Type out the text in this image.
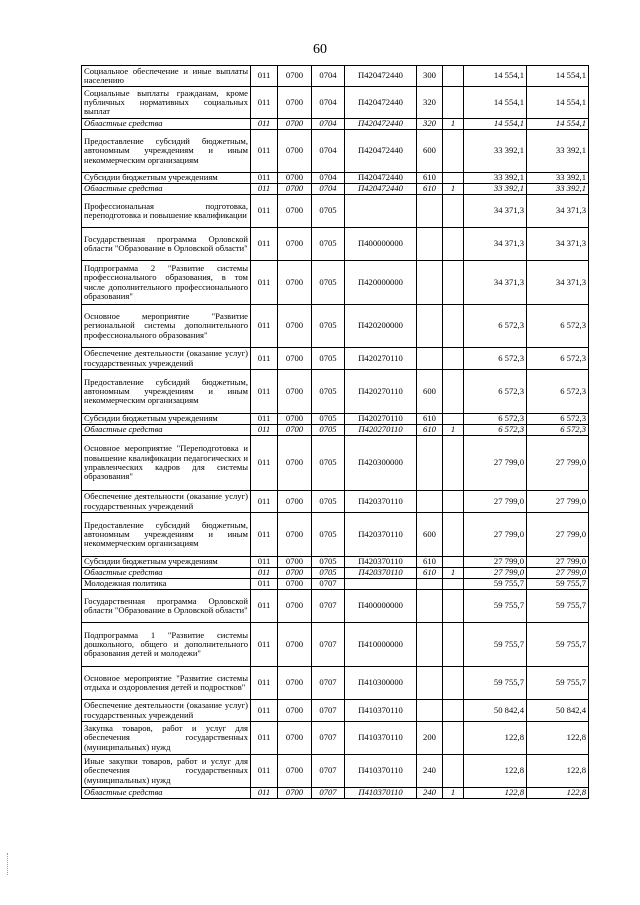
60
Социальное обеспечение и иные выплаты населению	011	0700	0704	П420472440	300		14 554,1	14 554,1
Социальные выплаты гражданам, кроме публичных нормативных социальных выплат	011	0700	0704	П420472440	320		14 554,1	14 554,1
Областные средства	011	0700	0704	П420472440	320	1	14 554,1	14 554,1
Предоставление субсидий бюджетным, автономным учреждениям и иным некоммерческим организациям	011	0700	0704	П420472440	600		33 392,1	33 392,1
Субсидии бюджетным учреждениям	011	0700	0704	П420472440	610		33 392,1	33 392,1
Областные средства	011	0700	0704	П420472440	610	1	33 392,1	33 392,1
Профессиональная подготовка, переподготовка и повышение квалификации	011	0700	0705				34 371,3	34 371,3
Государственная программа Орловской области "Образование в Орловской области"	011	0700	0705	П400000000			34 371,3	34 371,3
Подпрограмма 2 "Развитие системы профессионального образования, в том числе дополнительного профессионального образования"	011	0700	0705	П420000000			34 371,3	34 371,3
Основное мероприятие "Развитие региональной системы дополнительного профессионального образования"	011	0700	0705	П420200000			6 572,3	6 572,3
Обеспечение деятельности (оказание услуг) государственных учреждений	011	0700	0705	П420270110			6 572,3	6 572,3
Предоставление субсидий бюджетным, автономным учреждениям и иным некоммерческим организациям	011	0700	0705	П420270110	600		6 572,3	6 572,3
Субсидии бюджетным учреждениям	011	0700	0705	П420270110	610		6 572,3	6 572,3
Областные средства	011	0700	0705	П420270110	610	1	6 572,3	6 572,3
Основное мероприятие "Переподготовка и повышение квалификации педагогических и управленческих кадров для системы образования"	011	0700	0705	П420300000			27 799,0	27 799,0
Обеспечение деятельности (оказание услуг) государственных учреждений	011	0700	0705	П420370110			27 799,0	27 799,0
Предоставление субсидий бюджетным, автономным учреждениям и иным некоммерческим организациям	011	0700	0705	П420370110	600		27 799,0	27 799,0
Субсидии бюджетным учреждениям	011	0700	0705	П420370110	610		27 799,0	27 799,0
Областные средства	011	0700	0705	П420370110	610	1	27 799,0	27 799,0
Молодежная политика	011	0700	0707				59 755,7	59 755,7
Государственная программа Орловской области "Образование в Орловской области"	011	0700	0707	П400000000			59 755,7	59 755,7
Подпрограмма 1 "Развитие системы дошкольного, общего и дополнительного образования детей и молодежи"	011	0700	0707	П410000000			59 755,7	59 755,7
Основное мероприятие "Развитие системы отдыха и оздоровления детей и подростков"	011	0700	0707	П410300000			59 755,7	59 755,7
Обеспечение деятельности (оказание услуг) государственных учреждений	011	0700	0707	П410370110			50 842,4	50 842,4
Закупка товаров, работ и услуг для обеспечения государственных (муниципальных) нужд	011	0700	0707	П410370110	200		122,8	122,8
Иные закупки товаров, работ и услуг для обеспечения государственных (муниципальных) нужд	011	0700	0707	П410370110	240		122,8	122,8
Областные средства	011	0700	0707	П410370110	240	1	122,8	122,8
